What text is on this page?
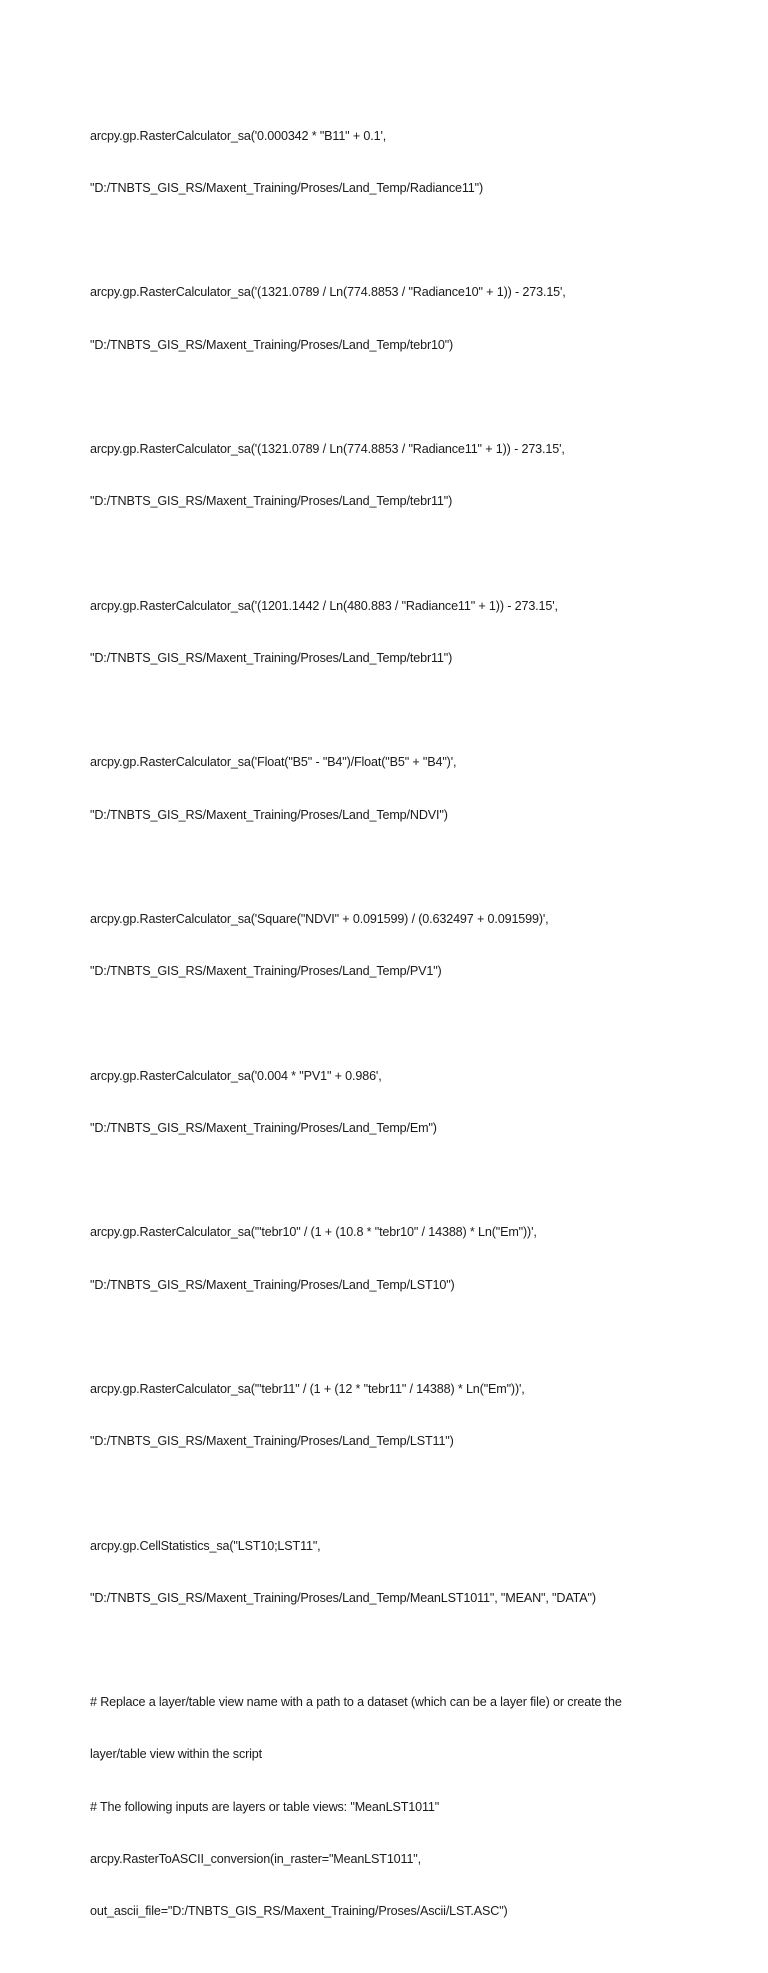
arcpy.gp.RasterCalculator_sa('0.000342 * "B11" + 0.1',

"D:/TNBTS_GIS_RS/Maxent_Training/Proses/Land_Temp/Radiance11")

arcpy.gp.RasterCalculator_sa('(1321.0789 / Ln(774.8853 / "Radiance10" + 1)) - 273.15',

"D:/TNBTS_GIS_RS/Maxent_Training/Proses/Land_Temp/tebr10")

arcpy.gp.RasterCalculator_sa('(1321.0789 / Ln(774.8853 / "Radiance11" + 1)) - 273.15',

"D:/TNBTS_GIS_RS/Maxent_Training/Proses/Land_Temp/tebr11")

arcpy.gp.RasterCalculator_sa('(1201.1442 / Ln(480.883 / "Radiance11" + 1)) - 273.15',

"D:/TNBTS_GIS_RS/Maxent_Training/Proses/Land_Temp/tebr11")

arcpy.gp.RasterCalculator_sa('Float("B5" - "B4")/Float("B5" + "B4")',

"D:/TNBTS_GIS_RS/Maxent_Training/Proses/Land_Temp/NDVI")

arcpy.gp.RasterCalculator_sa('Square("NDVI" + 0.091599) / (0.632497 + 0.091599)',

"D:/TNBTS_GIS_RS/Maxent_Training/Proses/Land_Temp/PV1")

arcpy.gp.RasterCalculator_sa('0.004 * "PV1" + 0.986',

"D:/TNBTS_GIS_RS/Maxent_Training/Proses/Land_Temp/Em")

arcpy.gp.RasterCalculator_sa('"tebr10" / (1 + (10.8 * "tebr10" / 14388) * Ln("Em"))',

"D:/TNBTS_GIS_RS/Maxent_Training/Proses/Land_Temp/LST10")

arcpy.gp.RasterCalculator_sa('"tebr11" / (1 + (12 * "tebr11" / 14388) * Ln("Em"))',

"D:/TNBTS_GIS_RS/Maxent_Training/Proses/Land_Temp/LST11")

arcpy.gp.CellStatistics_sa("LST10;LST11",

"D:/TNBTS_GIS_RS/Maxent_Training/Proses/Land_Temp/MeanLST1011", "MEAN", "DATA")

# Replace a layer/table view name with a path to a dataset (which can be a layer file) or create the

layer/table view within the script

# The following inputs are layers or table views: "MeanLST1011"

arcpy.RasterToASCII_conversion(in_raster="MeanLST1011",

out_ascii_file="D:/TNBTS_GIS_RS/Maxent_Training/Proses/Ascii/LST.ASC")
